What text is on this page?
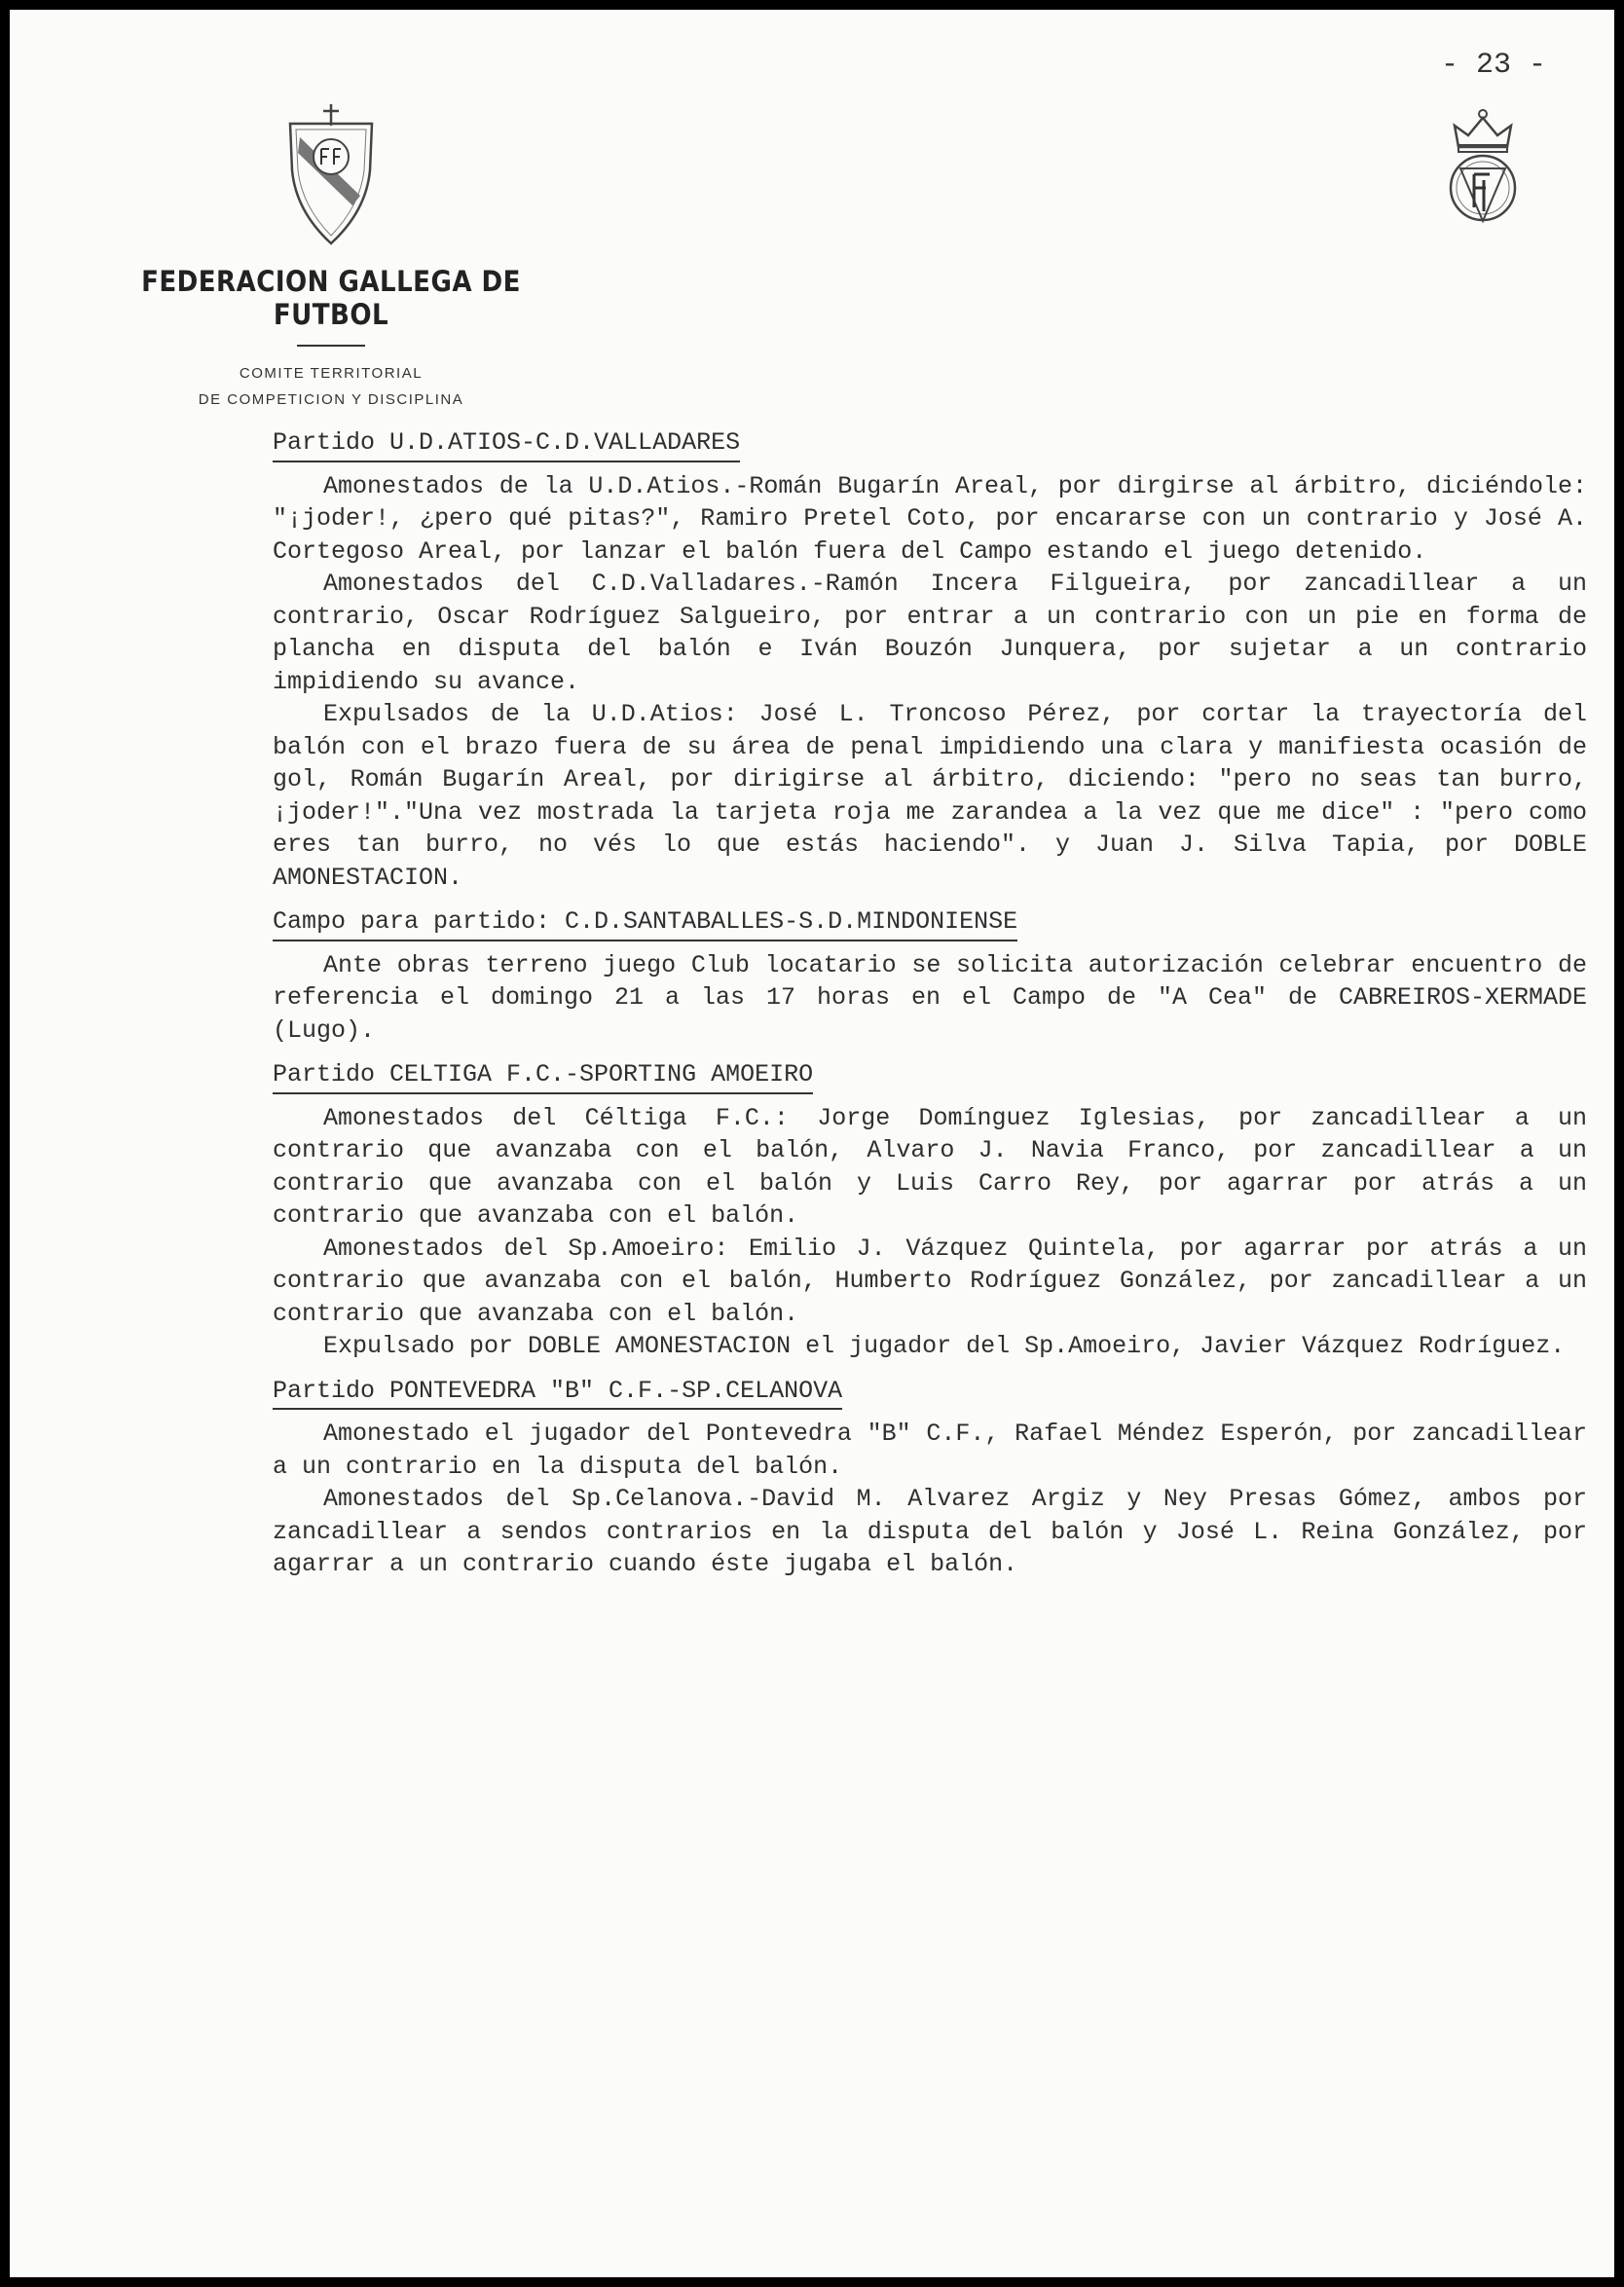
- 23 -
FEDERACION GALLEGA DE FUTBOL
COMITE TERRITORIAL
DE COMPETICION Y DISCIPLINA
Partido U.D.ATIOS-C.D.VALLADARES

Amonestados de la U.D.Atios.-Román Bugarín Areal, por dirgirse al árbitro, diciéndole: "¡joder!, ¿pero qué pitas?", Ramiro Pretel Coto, por encararse con un contrario y José A. Cortegoso Areal, por lanzar el balón fuera del Campo estando el juego detenido.

Amonestados del C.D.Valladares.-Ramón Incera Filgueira, por zancadillear a un contrario, Oscar Rodríguez Salgueiro, por entrar a un contrario con un pie en forma de plancha en disputa del balón e Iván Bouzón Junquera, por sujetar a un contrario impidiendo su avance.

Expulsados de la U.D.Atios: José L. Troncoso Pérez, por cortar la trayectoría del balón con el brazo fuera de su área de penal impidiendo una clara y manifiesta ocasión de gol, Román Bugarín Areal, por dirigirse al árbitro, diciendo: "pero no seas tan burro, ¡joder!"."Una vez mostrada la tarjeta roja me zarandea a la vez que me dice" : "pero como eres tan burro, no vés lo que estás haciendo". y Juan J. Silva Tapia, por DOBLE AMONESTACION.

Campo para partido: C.D.SANTABALLES-S.D.MINDONIENSE

Ante obras terreno juego Club locatario se solicita autorización celebrar encuentro de referencia el domingo 21 a las 17 horas en el Campo de "A Cea" de CABREIROS-XERMADE (Lugo).

Partido CELTIGA F.C.-SPORTING AMOEIRO

Amonestados del Céltiga F.C.: Jorge Domínguez Iglesias, por zancadillear a un contrario que avanzaba con el balón, Alvaro J. Navia Franco, por zancadillear a un contrario que avanzaba con el balón y Luis Carro Rey, por agarrar por atrás a un contrario que avanzaba con el balón.

Amonestados del Sp.Amoeiro: Emilio J. Vázquez Quintela, por agarrar por atrás a un contrario que avanzaba con el balón, Humberto Rodríguez González, por zancadillear a un contrario que avanzaba con el balón.

Expulsado por DOBLE AMONESTACION el jugador del Sp.Amoeiro, Javier Vázquez Rodríguez.

Partido PONTEVEDRA "B" C.F.-SP.CELANOVA

Amonestado el jugador del Pontevedra "B" C.F., Rafael Méndez Esperón, por zancadillear a un contrario en la disputa del balón.

Amonestados del Sp.Celanova.-David M. Alvarez Argiz y Ney Presas Gómez, ambos por zancadillear a sendos contrarios en la disputa del balón y José L. Reina González, por agarrar a un contrario cuando éste jugaba el balón.
